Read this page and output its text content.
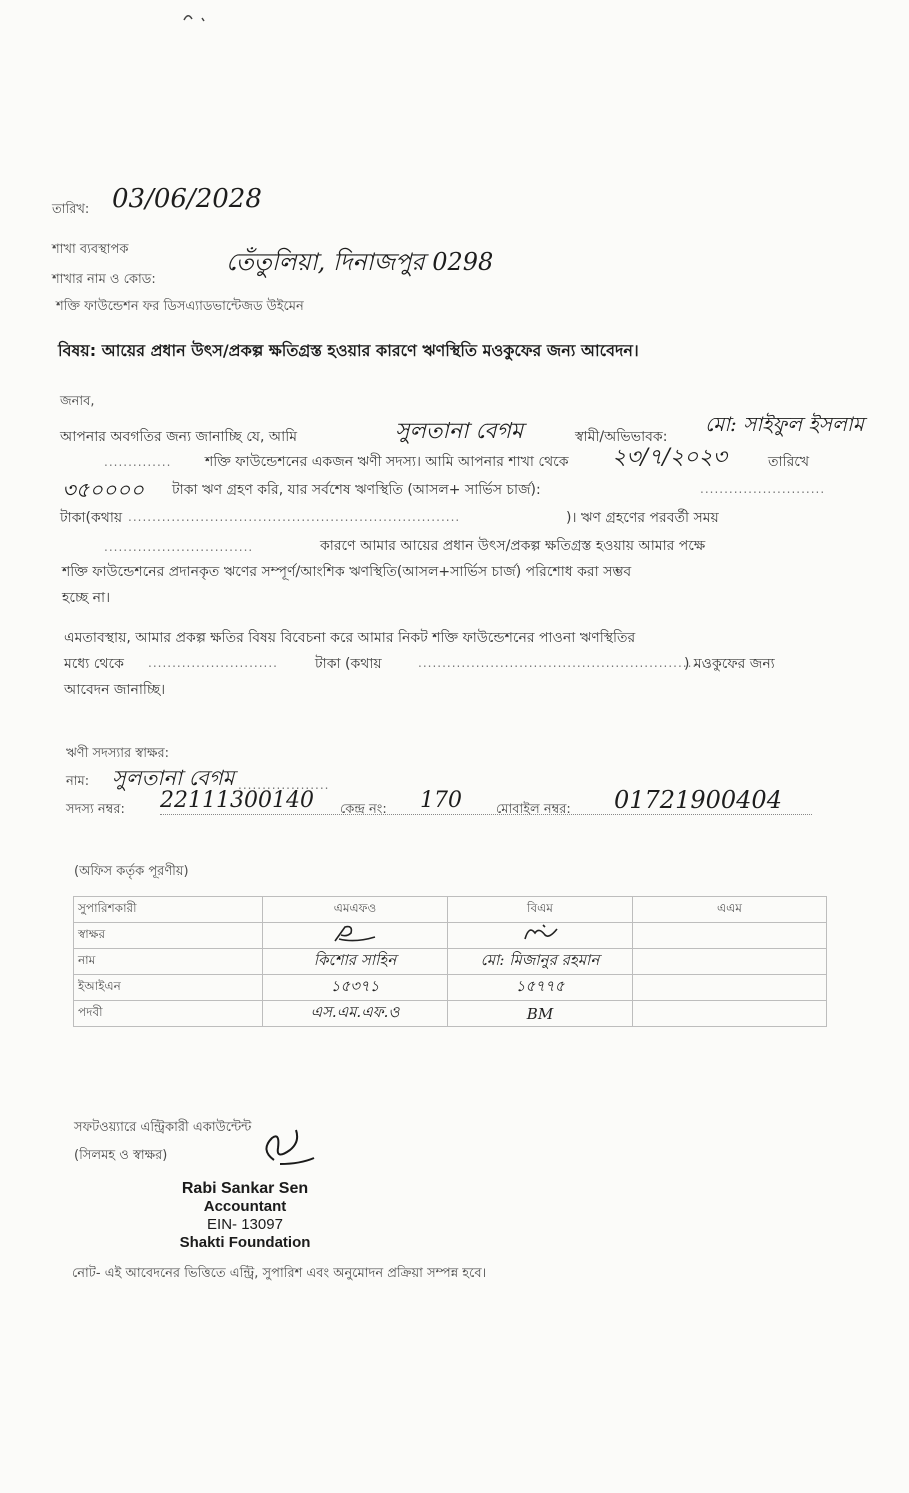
তারিখ: 03/06/2028
শাখা ব্যবস্থাপক
শাখার নাম ও কোড:
তেঁতুলিয়া, দিনাজপুর 0298
শক্তি ফাউন্ডেশন ফর ডিসএ্যাডভান্টেজড উইমেন
বিষয়: আয়ের প্রধান উৎস/প্রকল্প ক্ষতিগ্রস্ত হওয়ার কারণে ঋণস্থিতি মওকুফের জন্য আবেদন।
জনাব,
আপনার অবগতির জন্য জানাচ্ছি যে, আমি	সুলতানা বেগম	স্বামী/অভিভাবক:
মো: সাইফুল ইসলাম
.............. শক্তি ফাউন্ডেশনের একজন ঋণী সদস্য। আমি আপনার শাখা থেকে ২৩/৭/২০২৩	তারিখে
৩৫০০০০ টাকা ঋণ গ্রহণ করি, যার সর্বশেষ ঋণস্থিতি (আসল+ সার্ভিস চার্জ):	..........................
টাকা(কথায় .....................................................................	)। ঋণ গ্রহণের পরবর্তী সময়
...............................	কারণে আমার আয়ের প্রধান উৎস/প্রকল্প ক্ষতিগ্রস্ত হওয়ায় আমার পক্ষে
শক্তি ফাউন্ডেশনের প্রদানকৃত ঋণের সম্পূর্ণ/আংশিক ঋণস্থিতি(আসল+সার্ভিস চার্জ) পরিশোধ করা সম্ভব
হচ্ছে না।
এমতাবস্থায়, আমার প্রকল্প ক্ষতির বিষয় বিবেচনা করে আমার নিকট শক্তি ফাউন্ডেশনের পাওনা ঋণস্থিতির
মধ্যে থেকে ...........................	টাকা (কথায়	.............................................................
) মওকুফের জন্য
আবেদন জানাচ্ছি।
ঋণী সদস্যার স্বাক্ষর:
নাম: সুলতানা বেগম ...................
সদস্য নম্বর: 22111300140 কেন্দ্র নং: 170	মোবাইল নম্বর: 01721900404
(অফিস কর্তৃক পূরণীয়)
সুপারিশকারী	এমএফও	বিএম	এএম
স্বাক্ষর			
নাম	কিশোর সাহিন	মো: মিজানুর রহমান	
ইআইএন	১৫৩৭১	১৫৭৭৫	
পদবী	এস.এম.এফ.ও	BM	
সফটওয়্যারে এন্ট্রিকারী একাউন্টেন্ট
(সিলমহ ও স্বাক্ষর)
Rabi Sankar Sen
Accountant
EIN- 13097
Shakti Foundation
নোট- এই আবেদনের ভিত্তিতে এন্ট্রি, সুপারিশ এবং অনুমোদন প্রক্রিয়া সম্পন্ন হবে।
